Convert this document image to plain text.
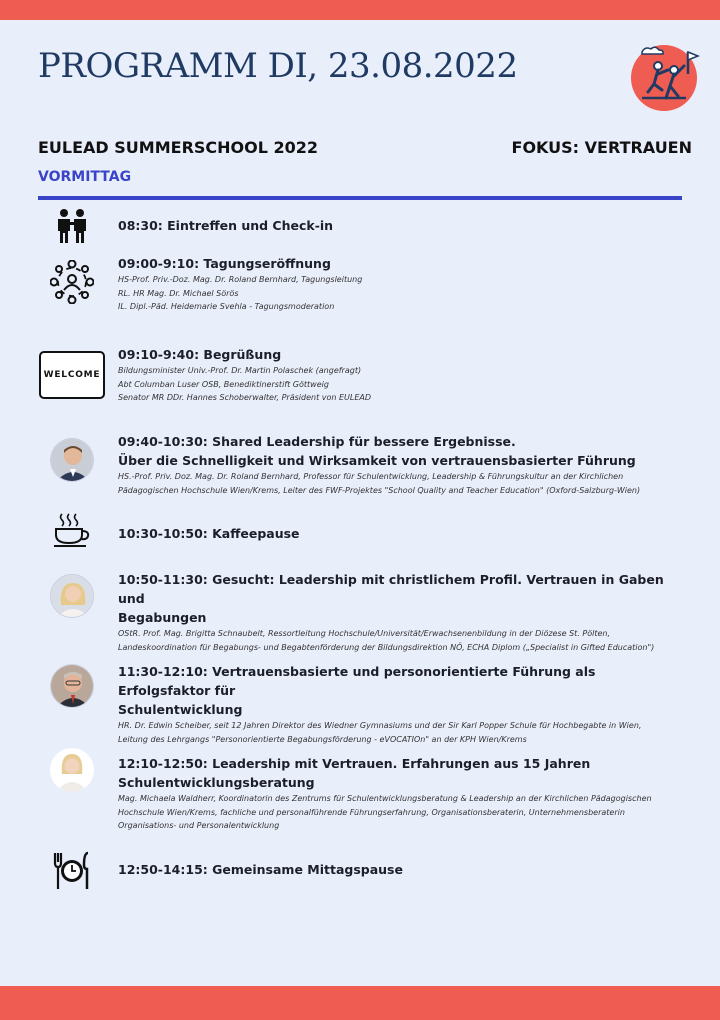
PROGRAMM DI, 23.08.2022
EULEAD SUMMERSCHOOL 2022	FOKUS: VERTRAUEN
VORMITTAG
08:30: Eintreffen und Check-in
09:00-9:10: Tagungseröffnung
HS-Prof. Priv.-Doz. Mag. Dr. Roland Bernhard, Tagungsleitung
RL. HR Mag. Dr. Michael Sörös
IL. Dipl.-Päd. Heidemarie Svehla - Tagungsmoderation
WELCOME
09:10-9:40: Begrüßung
Bildungsminister Univ.-Prof. Dr. Martin Polaschek (angefragt)
Abt Columban Luser OSB, Benediktinerstift Göttweig
Senator MR DDr. Hannes Schoberwalter, Präsident von EULEAD
09:40-10:30: Shared Leadership für bessere Ergebnisse.
Über die Schnelligkeit und Wirksamkeit von vertrauensbasierter Führung
HS.-Prof. Priv. Doz. Mag. Dr. Roland Bernhard, Professor für Schulentwicklung, Leadership & Führungskultur an der Kirchlichen
Pädagogischen Hochschule Wien/Krems, Leiter des FWF-Projektes "School Quality and Teacher Education" (Oxford-Salzburg-Wien)
10:30-10:50: Kaffeepause
10:50-11:30: Gesucht: Leadership mit christlichem Profil. Vertrauen in Gaben und
Begabungen
OStR. Prof. Mag. Brigitta Schnaubelt, Ressortleitung Hochschule/Universität/Erwachsenenbildung in der Diözese St. Pölten,
Landeskoordination für Begabungs- und Begabtenförderung der Bildungsdirektion NÖ, ECHA Diplom („Specialist in Gifted Education")
11:30-12:10: Vertrauensbasierte und personorientierte Führung als Erfolgsfaktor für
Schulentwicklung
HR. Dr. Edwin Scheiber, seit 12 Jahren Direktor des Wiedner Gymnasiums und der Sir Karl Popper Schule für Hochbegabte in Wien,
Leitung des Lehrgangs "Personorientierte Begabungsförderung - eVOCATIOn" an der KPH Wien/Krems
12:10-12:50: Leadership mit Vertrauen. Erfahrungen aus 15 Jahren
Schulentwicklungsberatung
Mag. Michaela Waldherr, Koordinatorin des Zentrums für Schulentwicklungsberatung & Leadership an der Kirchlichen Pädagogischen
Hochschule Wien/Krems, fachliche und personalführende Führungserfahrung, Organisationsberaterin, Unternehmensberaterin
Organisations- und Personalentwicklung
12:50-14:15: Gemeinsame Mittagspause
